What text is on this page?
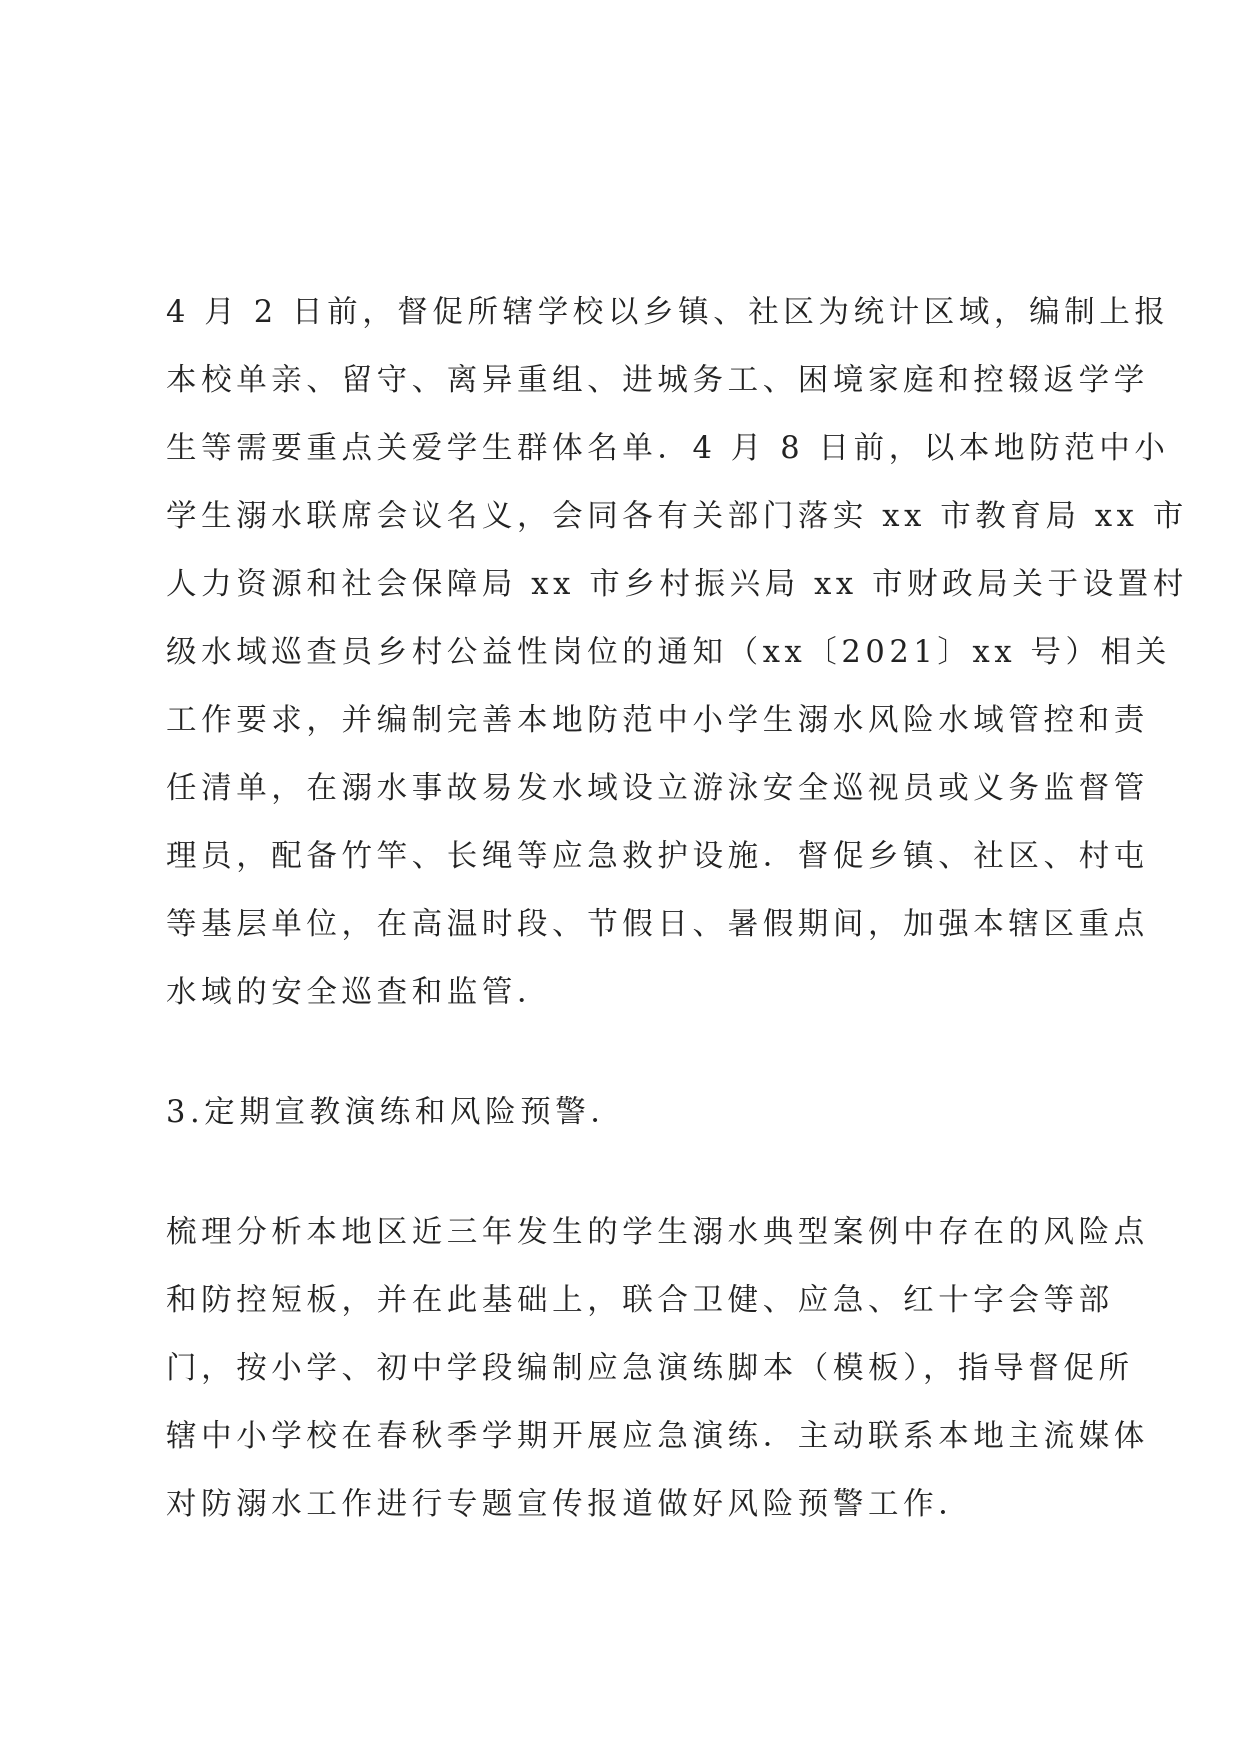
4 月 2 日前，督促所辖学校以乡镇、社区为统计区域，编制上报
本校单亲、留守、离异重组、进城务工、困境家庭和控辍返学学
生等需要重点关爱学生群体名单．4 月 8 日前，以本地防范中小
学生溺水联席会议名义，会同各有关部门落实 xx 市教育局 xx 市
人力资源和社会保障局 xx 市乡村振兴局 xx 市财政局关于设置村
级水域巡查员乡村公益性岗位的通知（xx〔2021〕xx 号）相关
工作要求，并编制完善本地防范中小学生溺水风险水域管控和责
任清单，在溺水事故易发水域设立游泳安全巡视员或义务监督管
理员，配备竹竿、长绳等应急救护设施．督促乡镇、社区、村屯
等基层单位，在高温时段、节假日、暑假期间，加强本辖区重点
水域的安全巡查和监管．
3.定期宣教演练和风险预警．
梳理分析本地区近三年发生的学生溺水典型案例中存在的风险点
和防控短板，并在此基础上，联合卫健、应急、红十字会等部
门，按小学、初中学段编制应急演练脚本（模板），指导督促所
辖中小学校在春秋季学期开展应急演练．主动联系本地主流媒体
对防溺水工作进行专题宣传报道做好风险预警工作．
